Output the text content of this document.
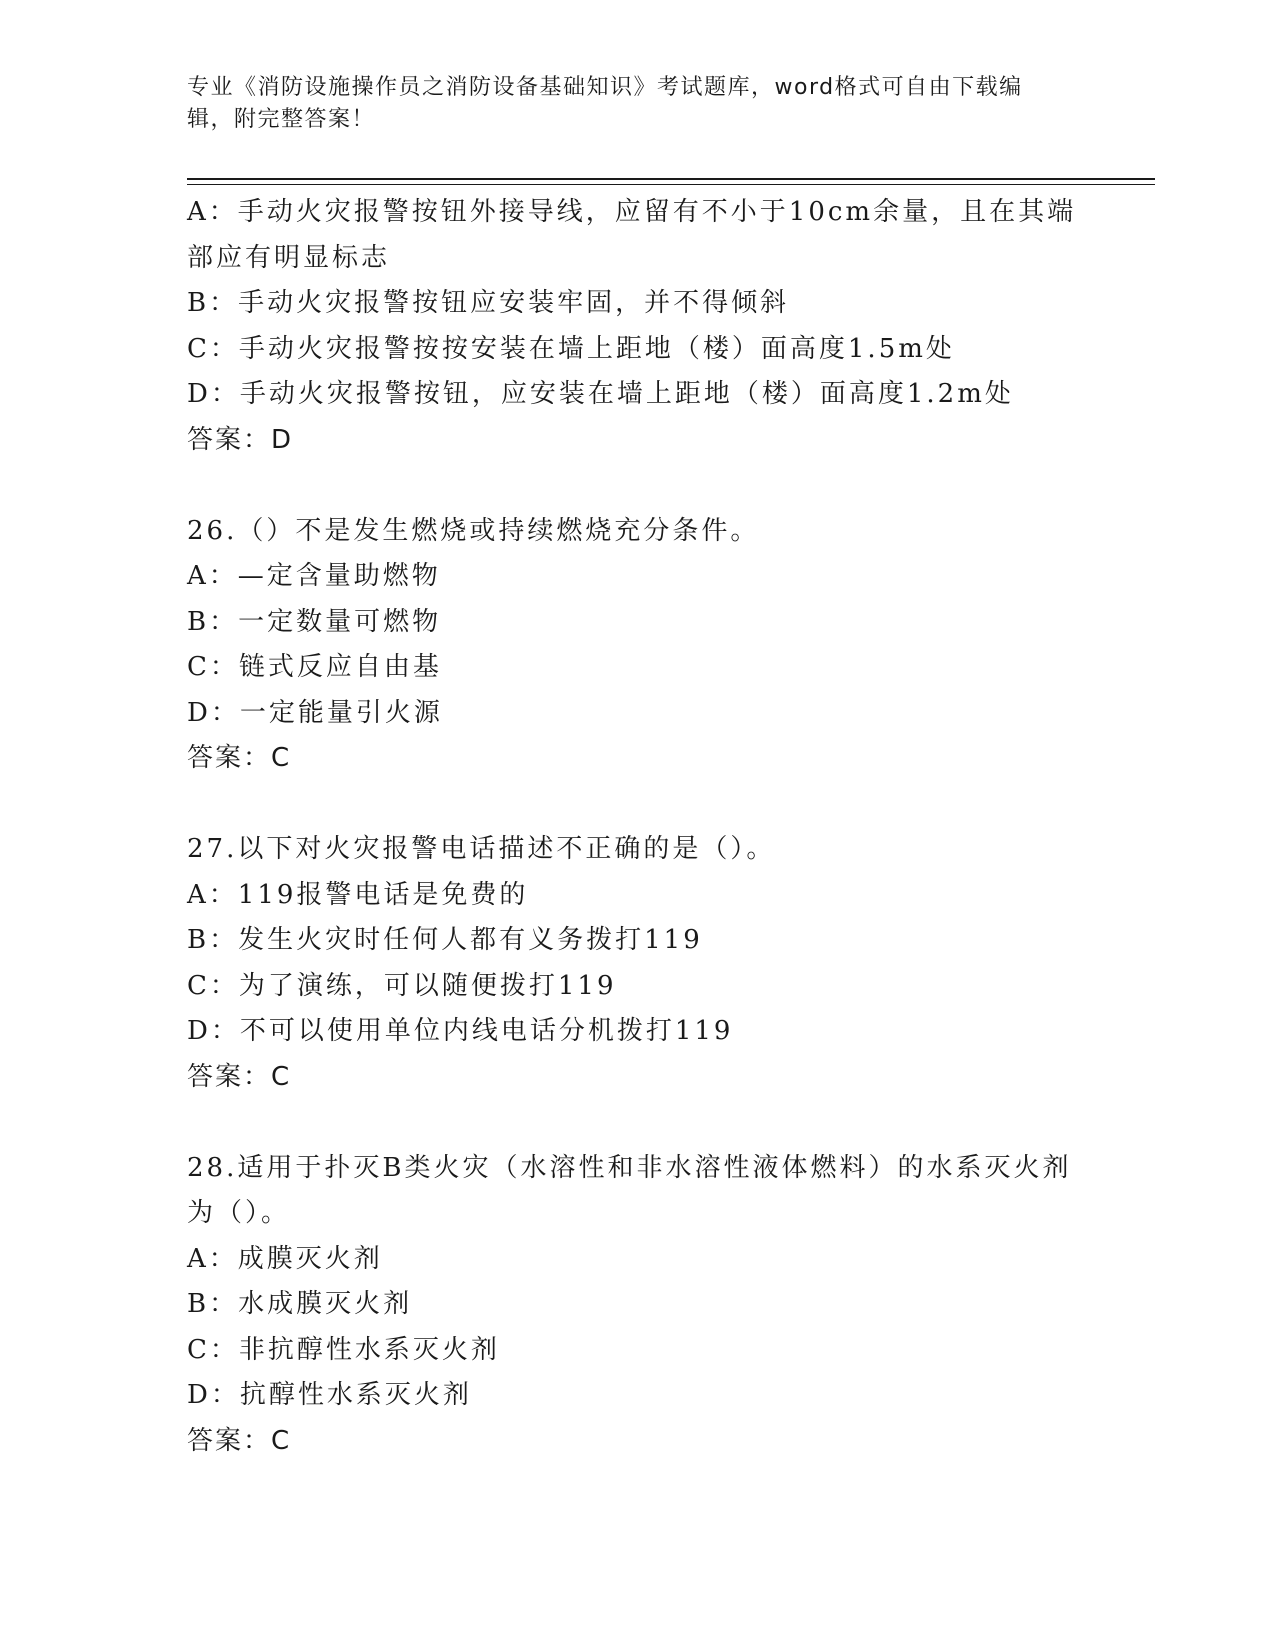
专业《消防设施操作员之消防设备基础知识》考试题库，word格式可自由下载编
辑，附完整答案！
A：手动火灾报警按钮外接导线，应留有不小于10cm余量，且在其端
部应有明显标志
B：手动火灾报警按钮应安装牢固，并不得倾斜
C：手动火灾报警按按安装在墙上距地（楼）面高度1.5m处
D：手动火灾报警按钮，应安装在墙上距地（楼）面高度1.2m处
答案：D
26.（）不是发生燃烧或持续燃烧充分条件。
A：—定含量助燃物
B：一定数量可燃物
C：链式反应自由基
D：一定能量引火源
答案：C
27.以下对火灾报警电话描述不正确的是（）。
A：119报警电话是免费的
B：发生火灾时任何人都有义务拨打119
C：为了演练，可以随便拨打119
D：不可以使用单位内线电话分机拨打119
答案：C
28.适用于扑灭B类火灾（水溶性和非水溶性液体燃料）的水系灭火剂
为（）。
A：成膜灭火剂
B：水成膜灭火剂
C：非抗醇性水系灭火剂
D：抗醇性水系灭火剂
答案：C
